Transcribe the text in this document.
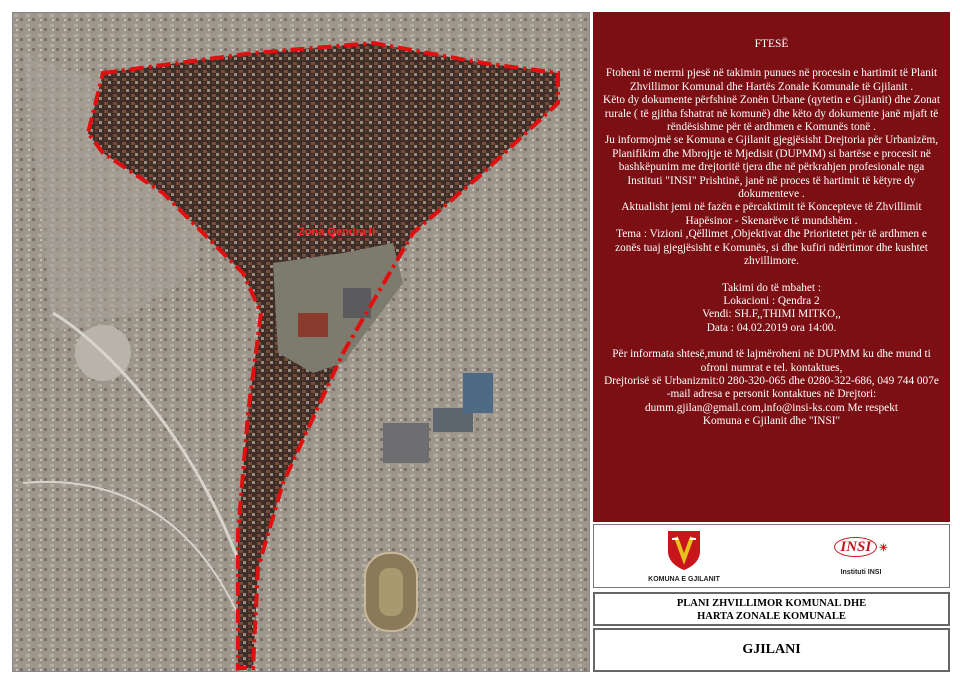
Zona Qendra II
FTESË

Ftoheni të merrni pjesë në takimin punues në procesin e hartimit të Planit Zhvillimor Komunal dhe Hartës Zonale Komunale të Gjilanit .

Këto dy dokumente përfshinë Zonën Urbane (qytetin e Gjilanit) dhe Zonat rurale ( të gjitha fshatrat në komunë) dhe këto dy dokumente janë mjaft të rëndësishme për të ardhmen e Komunës tonë .

Ju informojmë se Komuna e Gjilanit gjegjësisht Drejtoria për Urbanizëm, Planifikim dhe Mbrojtje të Mjedisit (DUPMM) si bartëse e procesit në bashkëpunim me drejtoritë tjera dhe në përkrahjen profesionale nga Instituti "INSI" Prishtinë, janë në proces të hartimit të këtyre dy dokumenteve .

Aktualisht jemi në fazën e përcaktimit të Koncepteve të Zhvillimit Hapësinor - Skenarëve të mundshëm .

Tema : Vizioni ,Qëllimet ,Objektivat dhe Prioritetet për të ardhmen e zonës tuaj gjegjësisht e Komunës, si dhe kufiri ndërtimor dhe kushtet zhvillimore.

Takimi do të mbahet :

Lokacioni : Qendra 2

Vendi: SH.F,,THIMI MITKO,,

Data : 04.02.2019 ora 14:00.

Për informata shtesë,mund të lajmëroheni në DUPMM ku dhe mund ti ofroni numrat e tel. kontaktues,

Drejtorisë së Urbanizmit:0 280-320-065 dhe 0280-322-686, 049 744 007e -mail adresa e personit kontaktues në Drejtori: dumm.gjilan@gmail.com,info@insi-ks.com Me respekt

Komuna e Gjilanit dhe "INSI"

KOMUNA E GJILANIT
INSI ✳
Instituti INSI
PLANI ZHVILLIMOR KOMUNAL DHE
HARTA ZONALE KOMUNALE
GJILANI
